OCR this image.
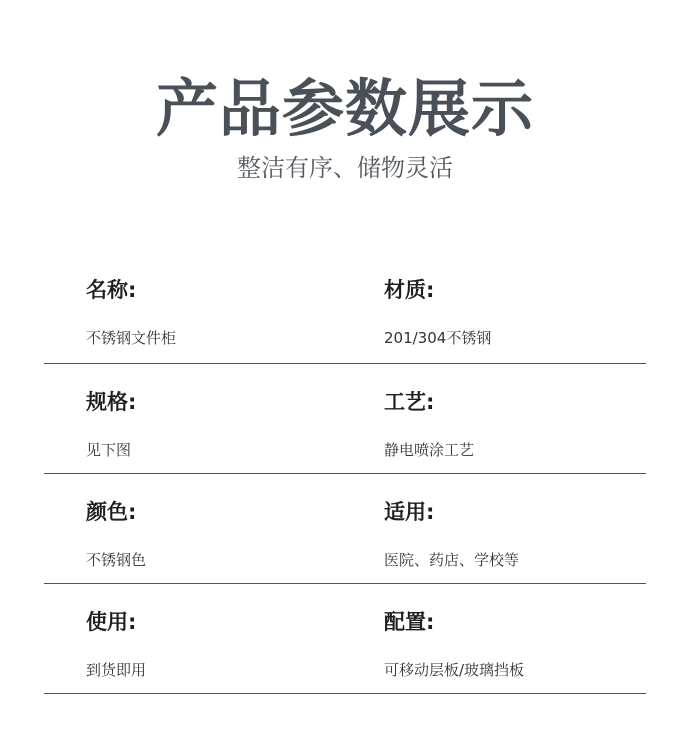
产品参数展示
整洁有序、储物灵活
名称:
不锈钢文件柜
材质:
201/304不锈钢
规格:
见下图
工艺:
静电喷涂工艺
颜色:
不锈钢色
适用:
医院、药店、学校等
使用:
到货即用
配置:
可移动层板/玻璃挡板
